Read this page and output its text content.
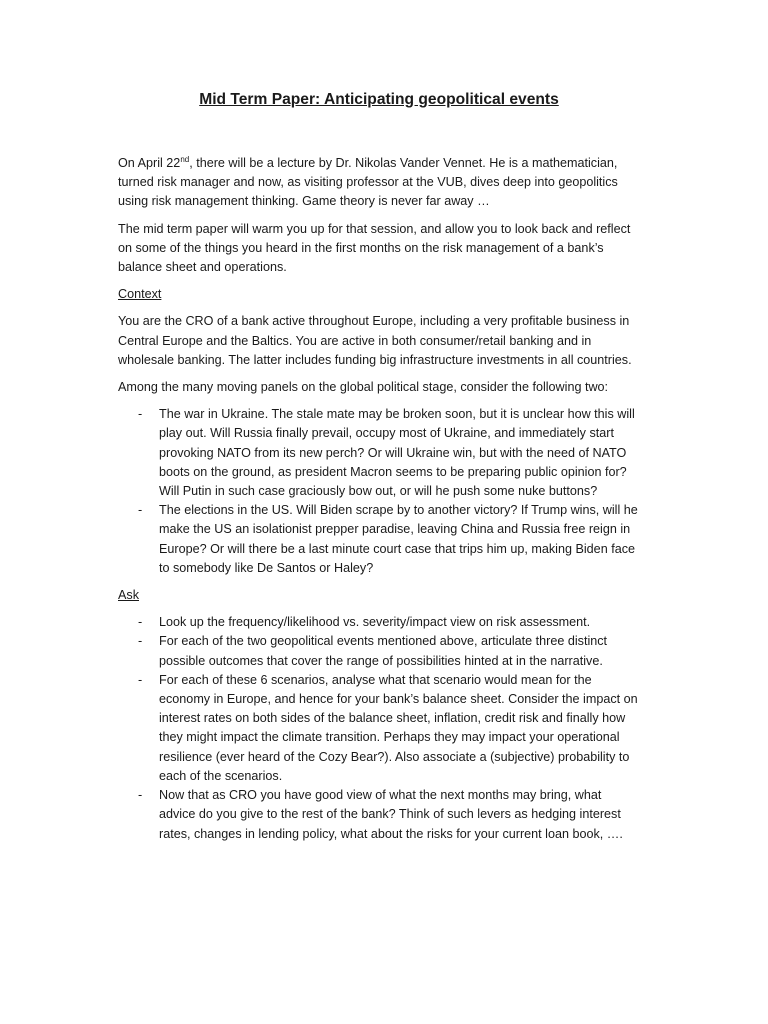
Mid Term Paper: Anticipating geopolitical events

On April 22nd, there will be a lecture by Dr. Nikolas Vander Vennet. He is a mathematician, turned risk manager and now, as visiting professor at the VUB, dives deep into geopolitics using risk management thinking. Game theory is never far away …

The mid term paper will warm you up for that session, and allow you to look back and reflect on some of the things you heard in the first months on the risk management of a bank’s balance sheet and operations.

Context

You are the CRO of a bank active throughout Europe, including a very profitable business in Central Europe and the Baltics. You are active in both consumer/retail banking and in wholesale banking. The latter includes funding big infrastructure investments in all countries.

Among the many moving panels on the global political stage, consider the following two:

- The war in Ukraine. The stale mate may be broken soon, but it is unclear how this will play out. Will Russia finally prevail, occupy most of Ukraine, and immediately start provoking NATO from its new perch? Or will Ukraine win, but with the need of NATO boots on the ground, as president Macron seems to be preparing public opinion for? Will Putin in such case graciously bow out, or will he push some nuke buttons?
- The elections in the US. Will Biden scrape by to another victory? If Trump wins, will he make the US an isolationist prepper paradise, leaving China and Russia free reign in Europe? Or will there be a last minute court case that trips him up, making Biden face to somebody like De Santos or Haley?
Ask
- Look up the frequency/likelihood vs. severity/impact view on risk assessment.
- For each of the two geopolitical events mentioned above, articulate three distinct possible outcomes that cover the range of possibilities hinted at in the narrative.
- For each of these 6 scenarios, analyse what that scenario would mean for the economy in Europe, and hence for your bank’s balance sheet. Consider the impact on interest rates on both sides of the balance sheet, inflation, credit risk and finally how they might impact the climate transition. Perhaps they may impact your operational resilience (ever heard of the Cozy Bear?). Also associate a (subjective) probability to each of the scenarios.
- Now that as CRO you have good view of what the next months may bring, what advice do you give to the rest of the bank? Think of such levers as hedging interest rates, changes in lending policy, what about the risks for your current loan book, ….
